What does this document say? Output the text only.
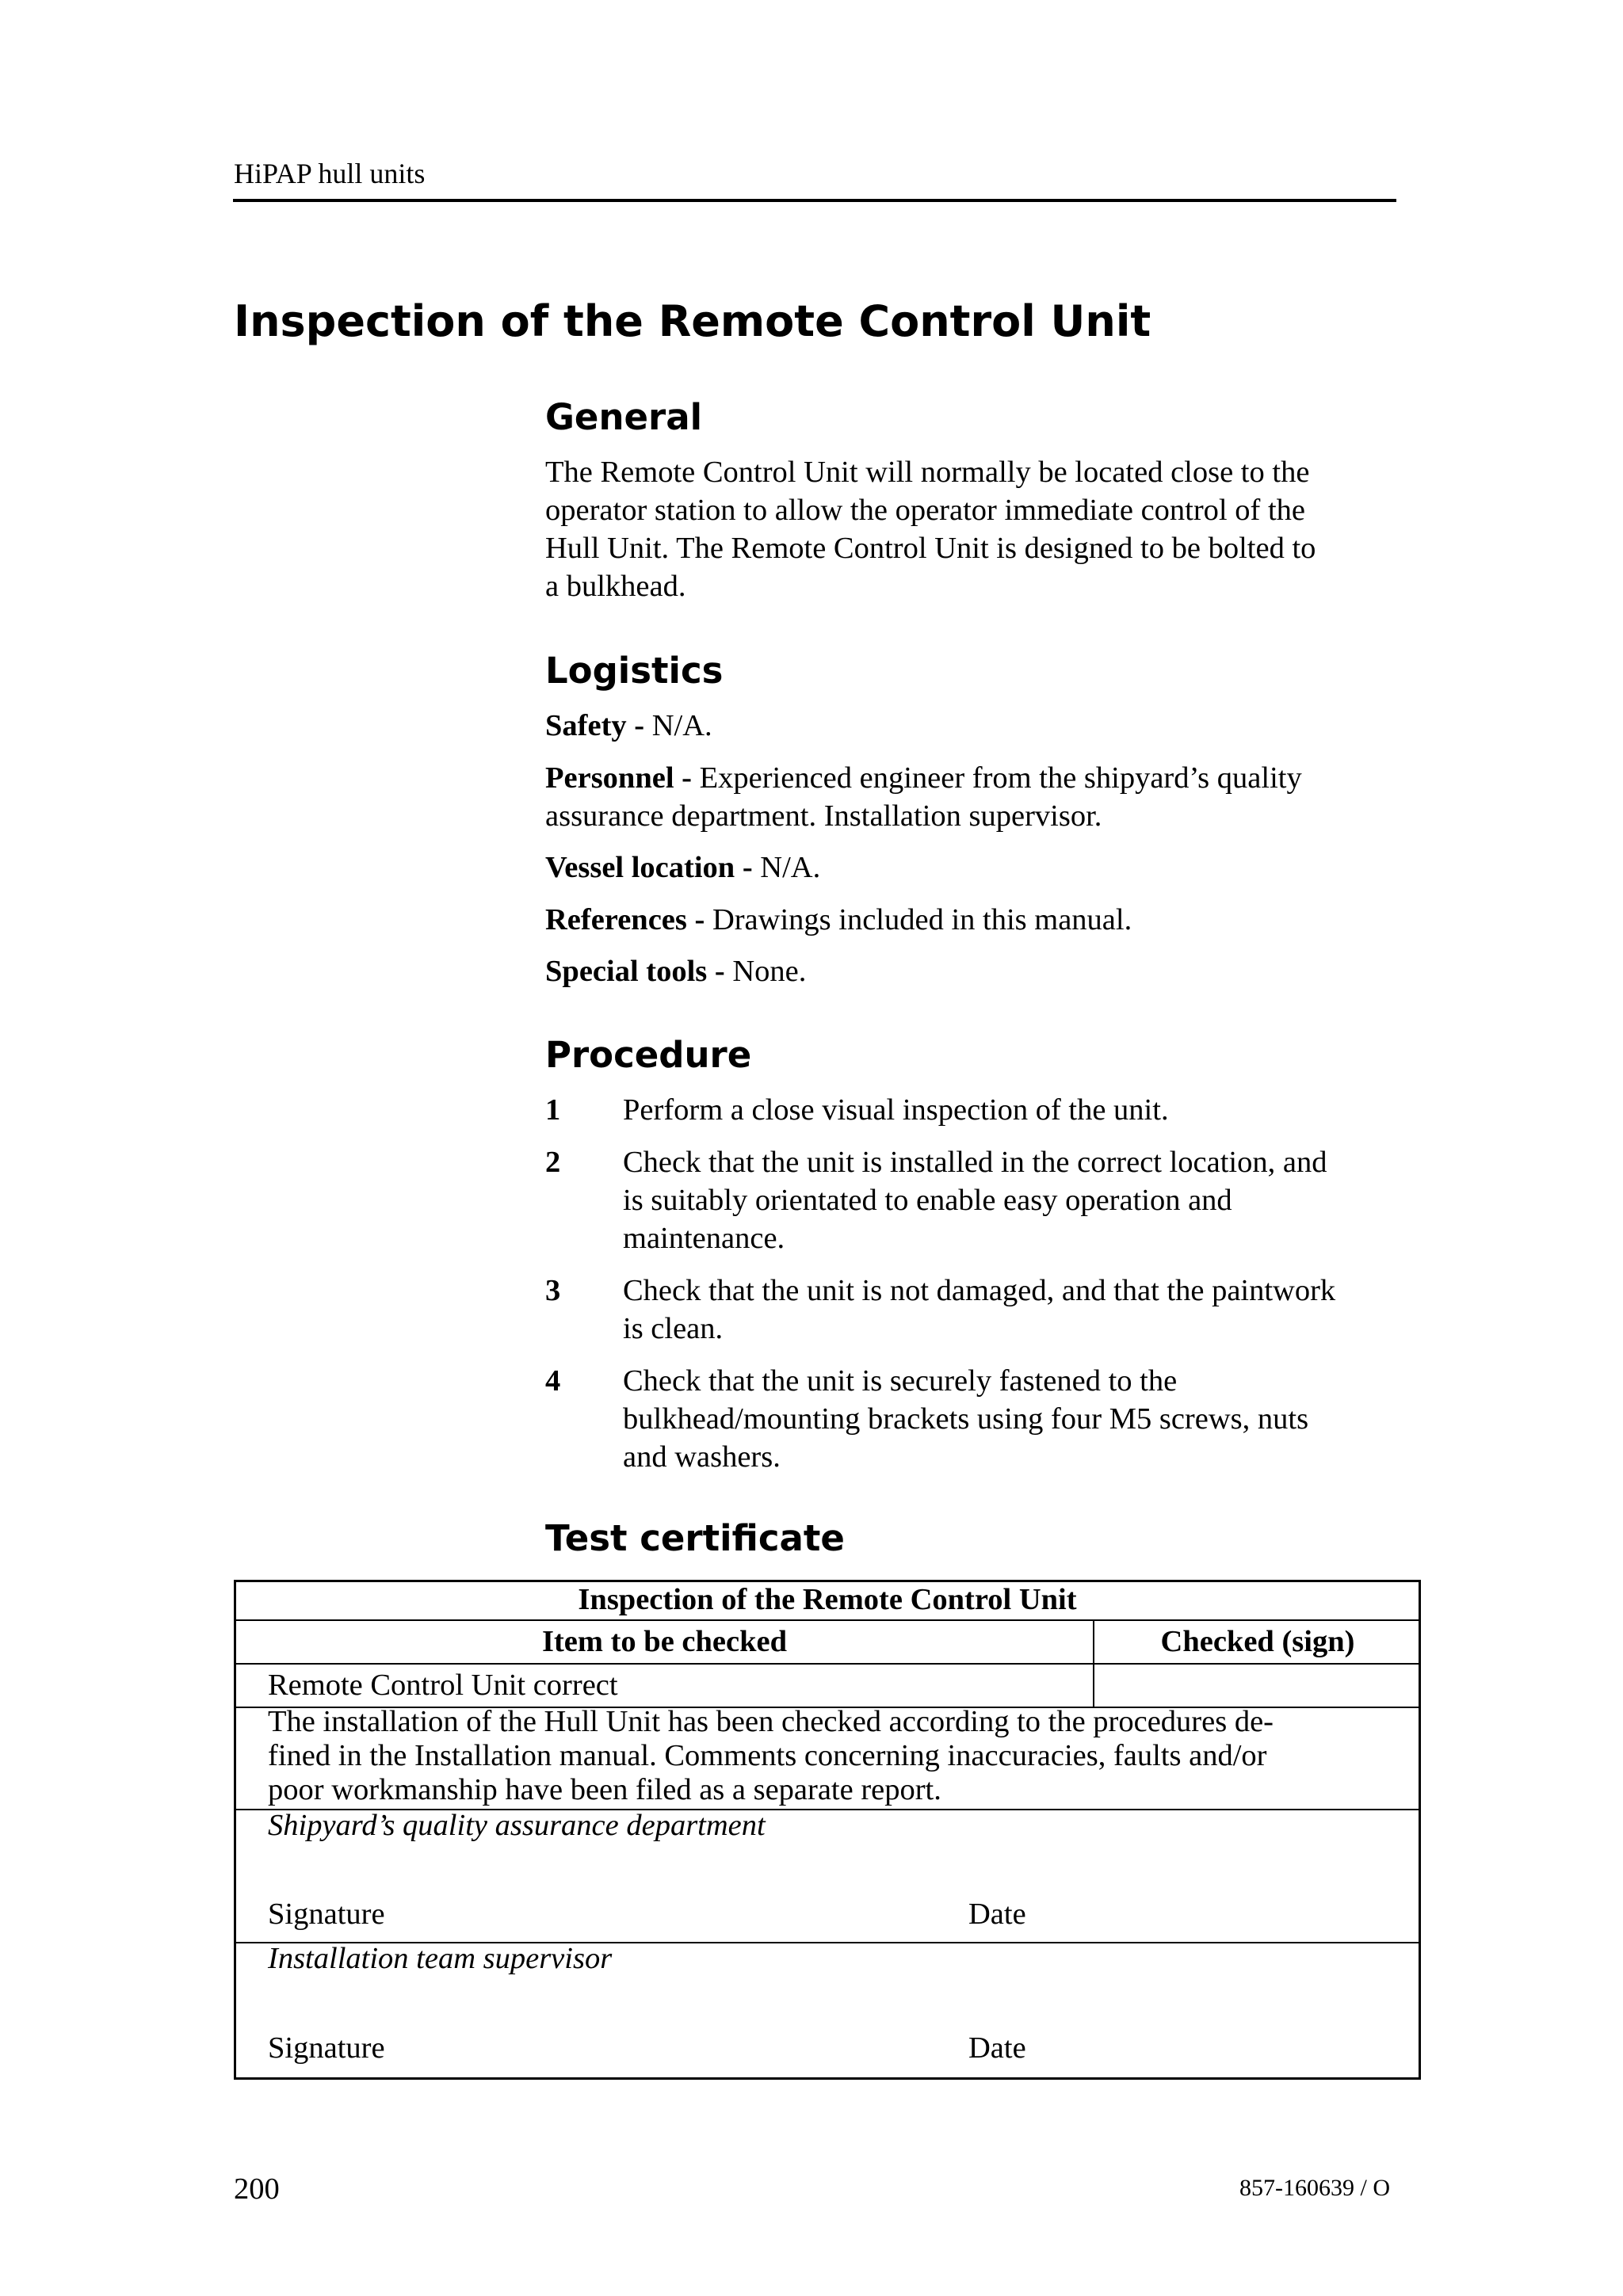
HiPAP hull units
Inspection of the Remote Control Unit
General
The Remote Control Unit will normally be located close to the
operator station to allow the operator immediate control of the
Hull Unit. The Remote Control Unit is designed to be bolted to
a bulkhead.
Logistics
Safety - N/A.
Personnel - Experienced engineer from the shipyard’s quality
assurance department. Installation supervisor.
Vessel location - N/A.
References - Drawings included in this manual.
Special tools - None.
Procedure
1 Perform a close visual inspection of the unit.
2 Check that the unit is installed in the correct location, and
is suitably orientated to enable easy operation and
maintenance.
3 Check that the unit is not damaged, and that the paintwork
is clean.
4 Check that the unit is securely fastened to the
bulkhead/mounting brackets using four M5 screws, nuts
and washers.
Test certificate
Inspection of the Remote Control Unit
Item to be checked	Checked (sign)
Remote Control Unit correct
The installation of the Hull Unit has been checked according to the procedures de-
fined in the Installation manual. Comments concerning inaccuracies, faults and/or
poor workmanship have been filed as a separate report.
Shipyard’s quality assurance department
Signature	Date
Installation team supervisor
Signature	Date
200	857-160639 / O
